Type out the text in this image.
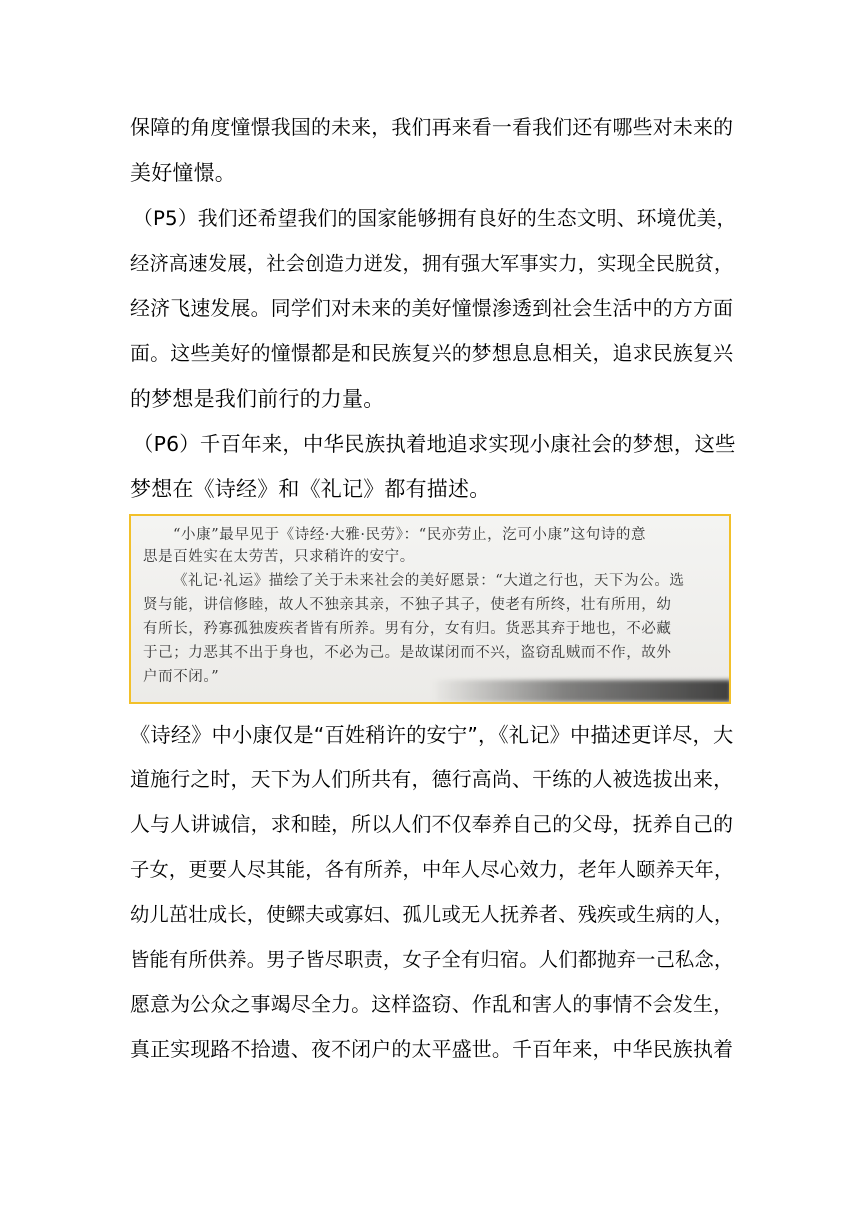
保障的角度憧憬我国的未来，我们再来看一看我们还有哪些对未来的
美好憧憬。
（P5）我们还希望我们的国家能够拥有良好的生态文明、环境优美，
经济高速发展，社会创造力迸发，拥有强大军事实力，实现全民脱贫，
经济飞速发展。同学们对未来的美好憧憬渗透到社会生活中的方方面
面。这些美好的憧憬都是和民族复兴的梦想息息相关，追求民族复兴
的梦想是我们前行的力量。
（P6）千百年来，中华民族执着地追求实现小康社会的梦想，这些
梦想在《诗经》和《礼记》都有描述。
“小康”最早见于《诗经·大雅·民劳》：“民亦劳止，汔可小康”这句诗的意
思是百姓实在太劳苦，只求稍许的安宁。
《礼记·礼运》描绘了关于未来社会的美好愿景：“大道之行也，天下为公。选
贤与能，讲信修睦，故人不独亲其亲，不独子其子，使老有所终，壮有所用，幼
有所长，矜寡孤独废疾者皆有所养。男有分，女有归。货恶其弃于地也，不必藏
于己；力恶其不出于身也，不必为己。是故谋闭而不兴，盗窃乱贼而不作，故外
户而不闭。”
《诗经》中小康仅是“百姓稍许的安宁”，《礼记》中描述更详尽，大
道施行之时，天下为人们所共有，德行高尚、干练的人被选拔出来，
人与人讲诚信，求和睦，所以人们不仅奉养自己的父母，抚养自己的
子女，更要人尽其能，各有所养，中年人尽心效力，老年人颐养天年，
幼儿茁壮成长，使鳏夫或寡妇、孤儿或无人抚养者、残疾或生病的人，
皆能有所供养。男子皆尽职责，女子全有归宿。人们都抛弃一己私念，
愿意为公众之事竭尽全力。这样盗窃、作乱和害人的事情不会发生，
真正实现路不拾遗、夜不闭户的太平盛世。千百年来，中华民族执着
